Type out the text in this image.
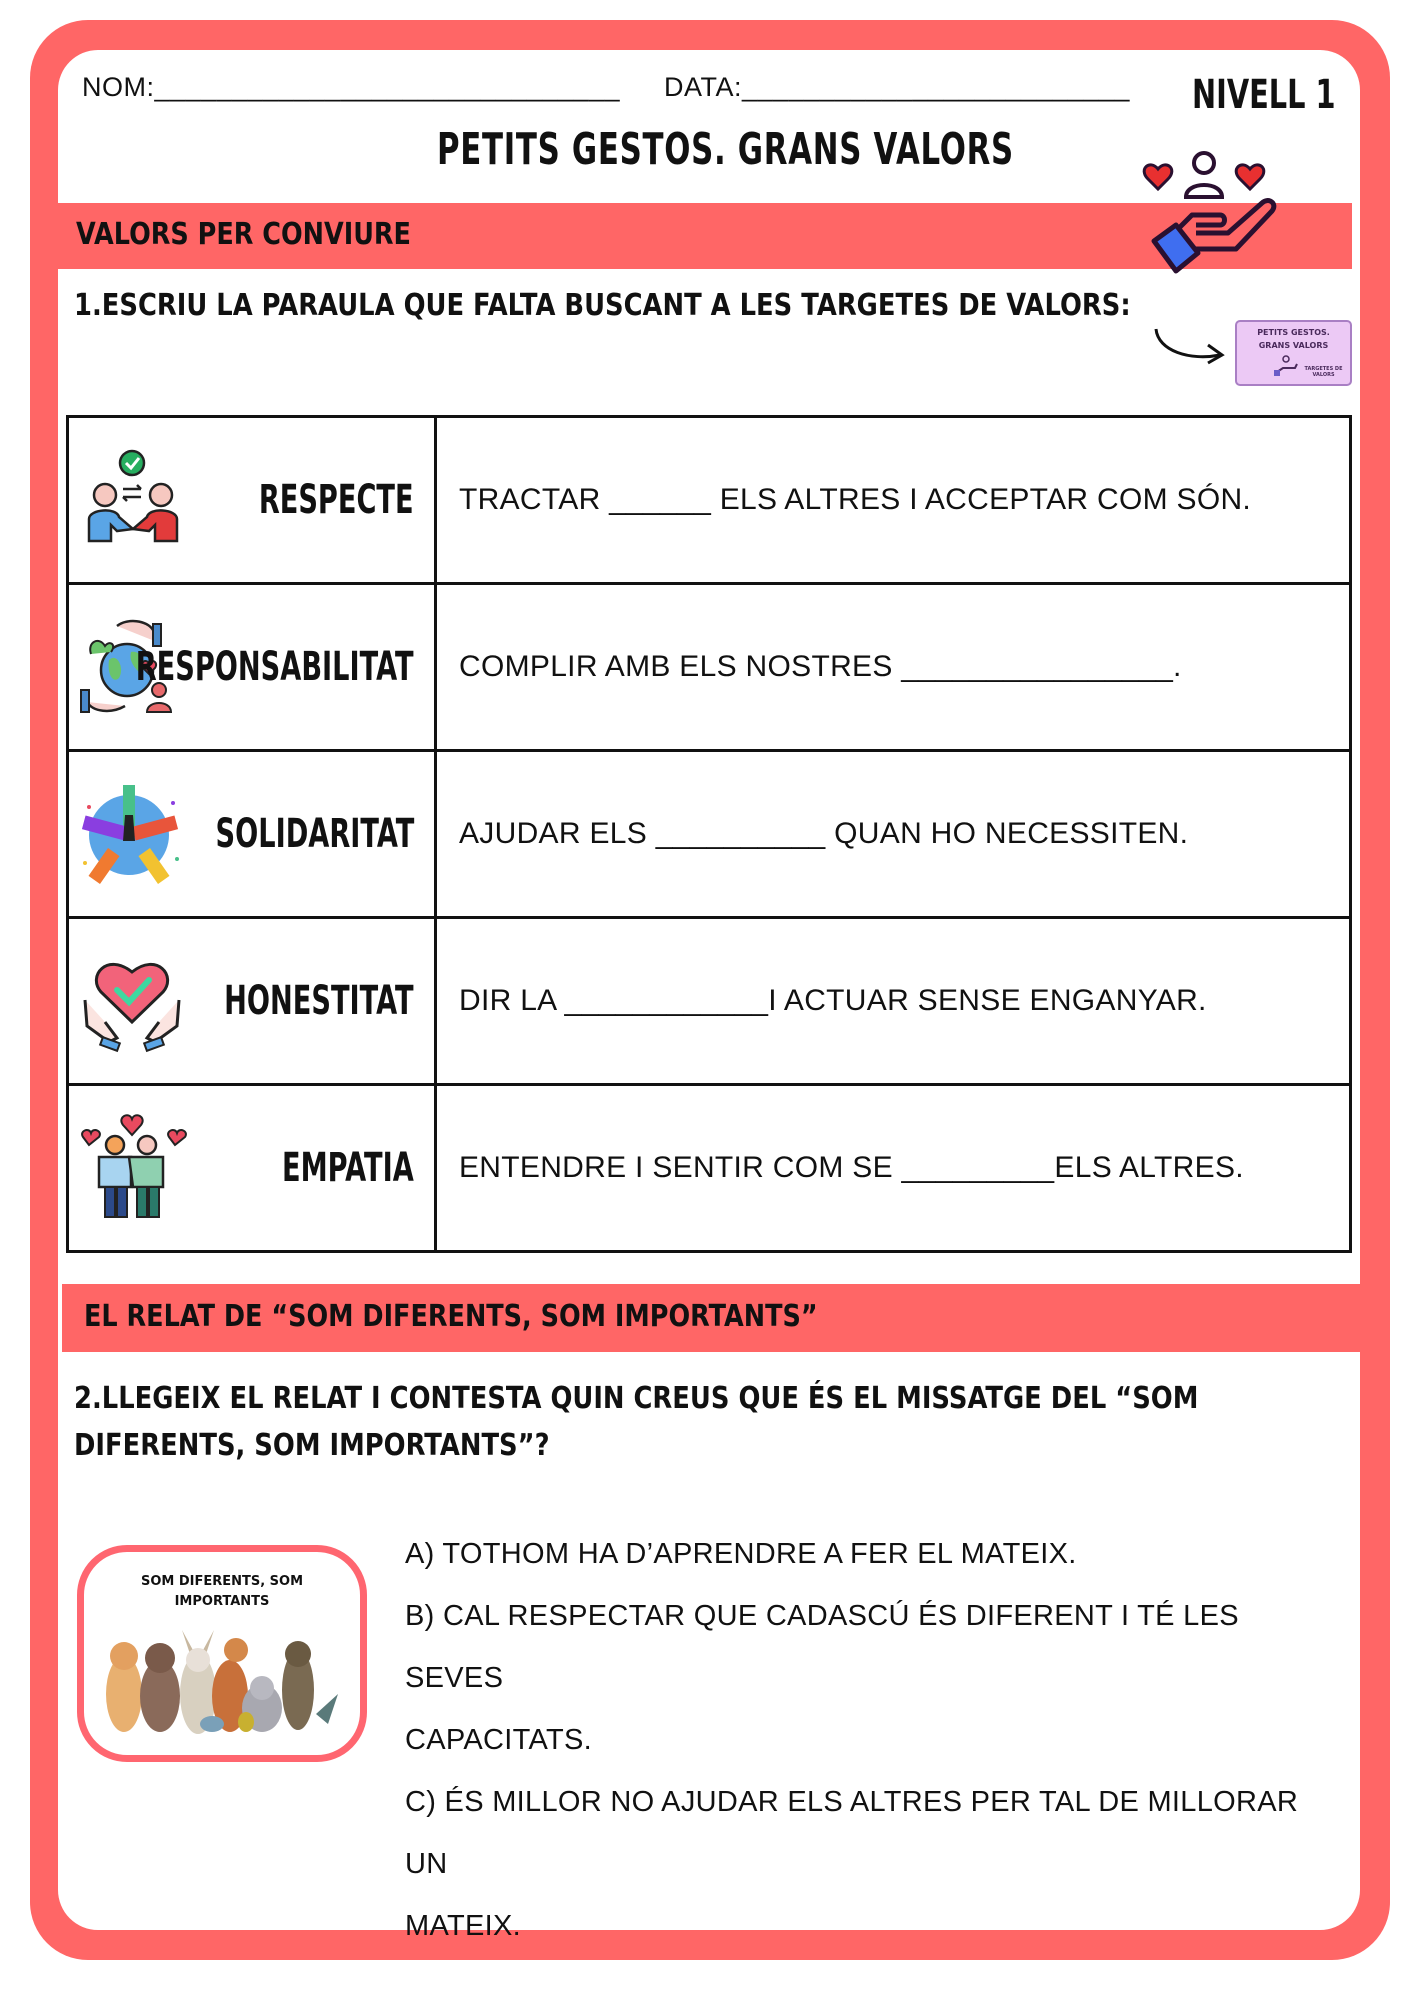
NOM:______________________________ DATA:_________________________ NIVELL 1
PETITS GESTOS. GRANS VALORS
VALORS PER CONVIURE
1.ESCRIU LA PARAULA QUE FALTA BUSCANT A LES TARGETES DE VALORS:
PETITS GESTOS.
GRANS VALORS
TARGETES DE VALORS
RESPECTE	TRACTAR ______ ELS ALTRES I ACCEPTAR COM SÓN.

RESPONSABILITAT	COMPLIR AMB ELS NOSTRES ________________.

SOLIDARITAT	AJUDAR ELS __________ QUAN HO NECESSITEN.

HONESTITAT	DIR LA ____________I ACTUAR SENSE ENGANYAR.

EMPATIA	ENTENDRE I SENTIR COM SE _________ELS ALTRES.
EL RELAT DE “SOM DIFERENTS, SOM IMPORTANTS”
2.LLEGEIX EL RELAT I CONTESTA QUIN CREUS QUE ÉS EL MISSATGE DEL “SOM
DIFERENTS, SOM IMPORTANTS”?
SOM DIFERENTS, SOM
IMPORTANTS
A) TOTHOM HA D’APRENDRE A FER EL MATEIX.
B) CAL RESPECTAR QUE CADASCÚ ÉS DIFERENT I TÉ LES SEVES
CAPACITATS.
C) ÉS MILLOR NO AJUDAR ELS ALTRES PER TAL DE MILLORAR UN
MATEIX.
